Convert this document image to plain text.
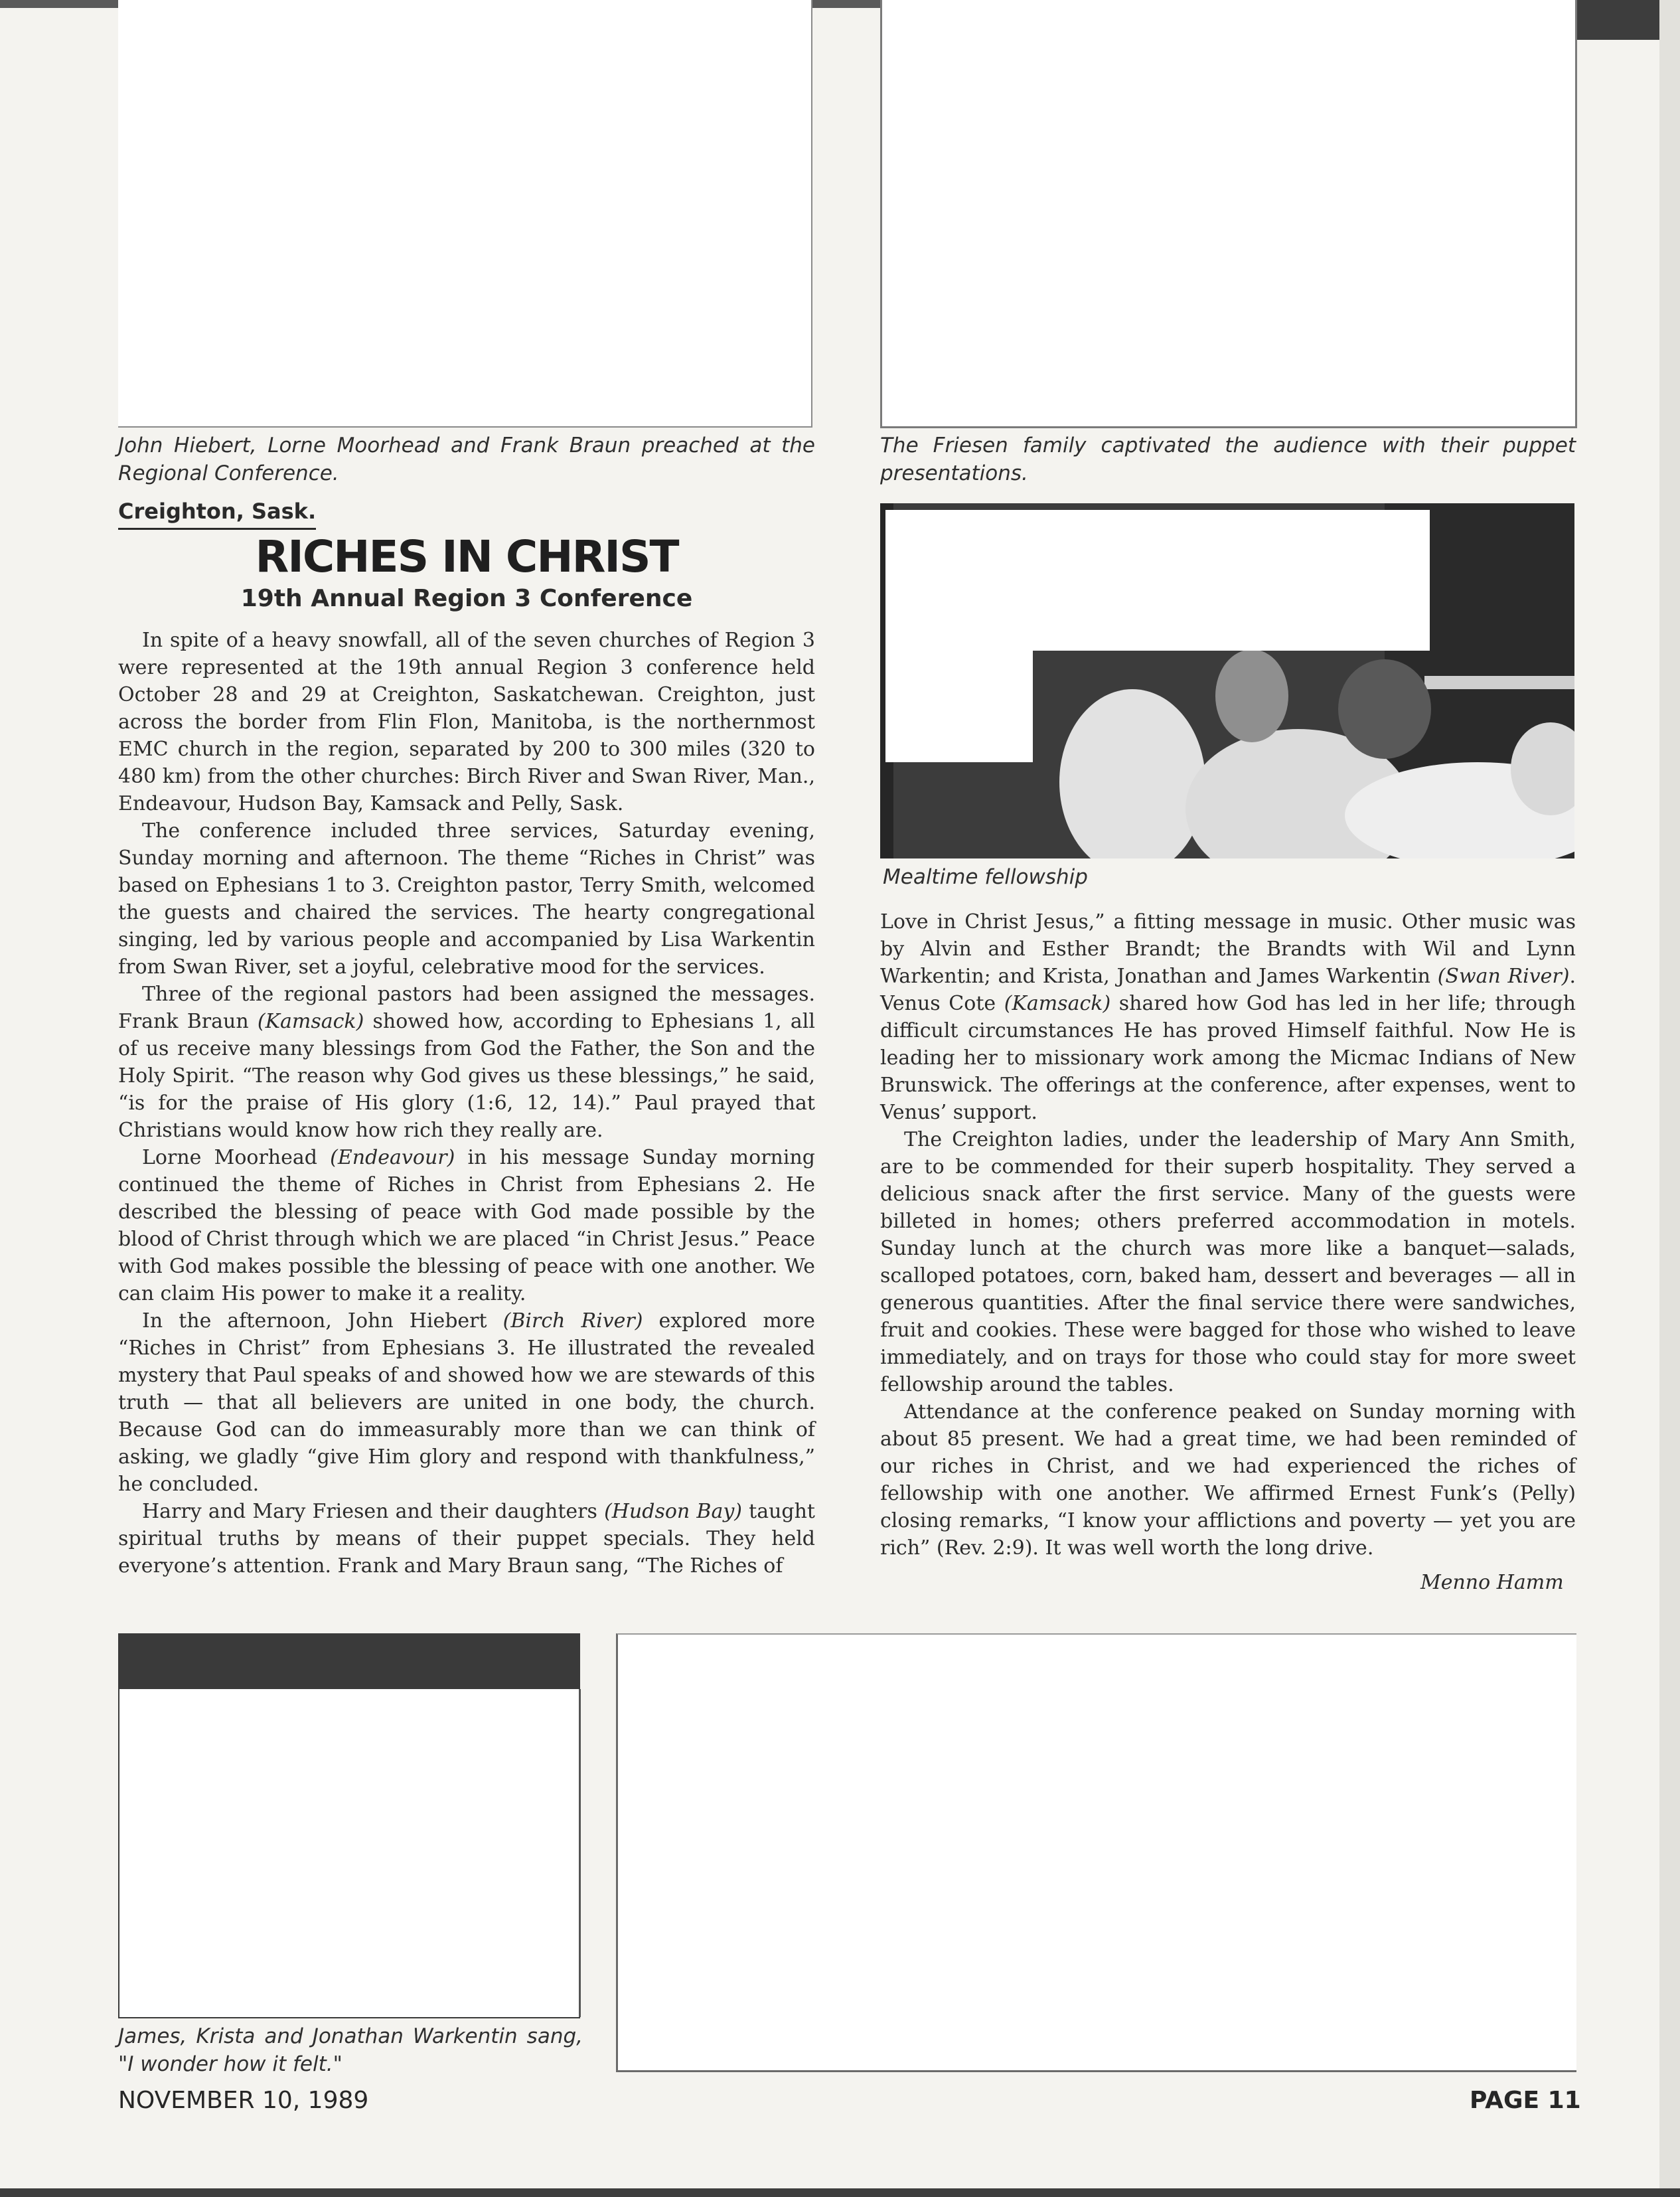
John Hiebert, Lorne Moorhead and Frank Braun preached at the Regional Conference.

The Friesen family captivated the audience with their puppet presentations.

Mealtime fellowship

Creighton, Sask.
RICHES IN CHRIST
19th Annual Region 3 Conference

In spite of a heavy snowfall, all of the seven churches of Region 3 were represented at the 19th annual Region 3 conference held October 28 and 29 at Creighton, Saskatchewan. Creighton, just across the border from Flin Flon, Manitoba, is the northernmost EMC church in the region, separated by 200 to 300 miles (320 to 480 km) from the other churches: Birch River and Swan River, Man., Endeavour, Hudson Bay, Kamsack and Pelly, Sask.

The conference included three services, Saturday evening, Sunday morning and afternoon. The theme “Riches in Christ” was based on Ephesians 1 to 3. Creighton pastor, Terry Smith, welcomed the guests and chaired the services. The hearty congregational singing, led by various people and accompanied by Lisa Warkentin from Swan River, set a joyful, celebrative mood for the services.

Three of the regional pastors had been assigned the messages. Frank Braun (Kamsack) showed how, according to Ephesians 1, all of us receive many blessings from God the Father, the Son and the Holy Spirit. “The reason why God gives us these blessings,” he said, “is for the praise of His glory (1:6, 12, 14).” Paul prayed that Christians would know how rich they really are.

Lorne Moorhead (Endeavour) in his message Sunday morning continued the theme of Riches in Christ from Ephesians 2. He described the blessing of peace with God made possible by the blood of Christ through which we are placed “in Christ Jesus.” Peace with God makes possible the blessing of peace with one another. We can claim His power to make it a reality.

In the afternoon, John Hiebert (Birch River) explored more “Riches in Christ” from Ephesians 3. He illustrated the revealed mystery that Paul speaks of and showed how we are stewards of this truth — that all believers are united in one body, the church. Because God can do immeasurably more than we can think of asking, we gladly “give Him glory and respond with thankfulness,” he concluded.

Harry and Mary Friesen and their daughters (Hudson Bay) taught spiritual truths by means of their puppet specials. They held everyone’s attention. Frank and Mary Braun sang, “The Riches of

Love in Christ Jesus,” a fitting message in music. Other music was by Alvin and Esther Brandt; the Brandts with Wil and Lynn Warkentin; and Krista, Jonathan and James Warkentin (Swan River). Venus Cote (Kamsack) shared how God has led in her life; through difficult circumstances He has proved Himself faithful. Now He is leading her to missionary work among the Micmac Indians of New Brunswick. The offerings at the conference, after expenses, went to Venus’ support.

The Creighton ladies, under the leadership of Mary Ann Smith, are to be commended for their superb hospitality. They served a delicious snack after the first service. Many of the guests were billeted in homes; others preferred accommodation in motels. Sunday lunch at the church was more like a banquet—salads, scalloped potatoes, corn, baked ham, dessert and beverages — all in generous quantities. After the final service there were sandwiches, fruit and cookies. These were bagged for those who wished to leave immediately, and on trays for those who could stay for more sweet fellowship around the tables.

Attendance at the conference peaked on Sunday morning with about 85 present. We had a great time, we had been reminded of our riches in Christ, and we had experienced the riches of fellowship with one another. We affirmed Ernest Funk’s (Pelly) closing remarks, “I know your afflictions and poverty — yet you are rich” (Rev. 2:9). It was well worth the long drive.

Menno Hamm

James, Krista and Jonathan Warkentin sang, "I wonder how it felt."

NOVEMBER 10, 1989	PAGE 11
